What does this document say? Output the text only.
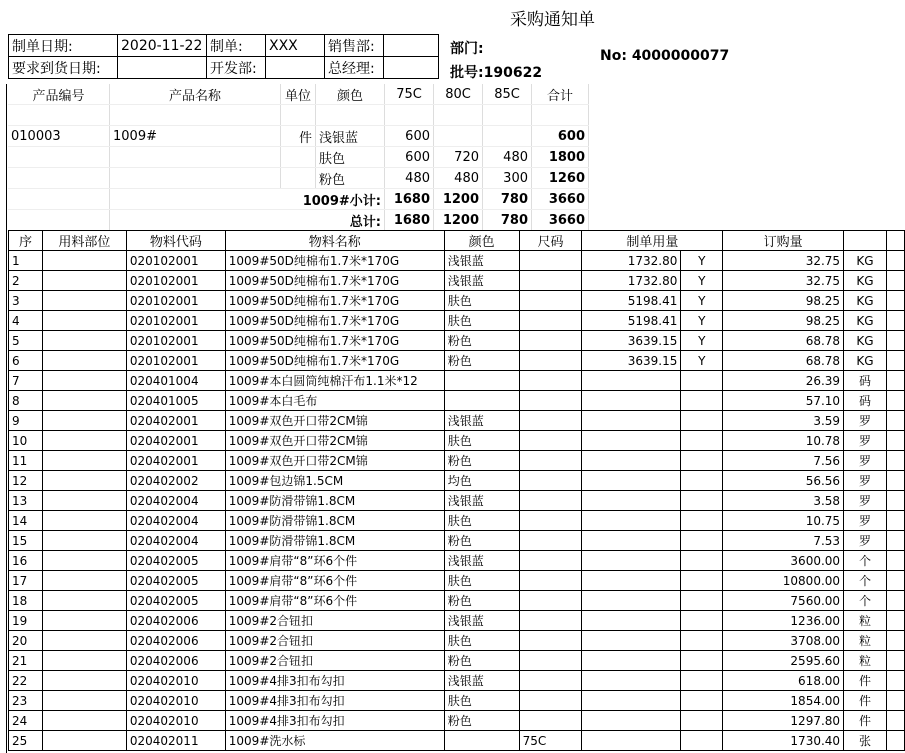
采购通知单
制单日期:	2020-11-22	制单:	XXX	销售部:	
要求到货日期:		开发部:		总经理:	
部门:
批号:190622
No: 4000000077
产品编号	产品名称	单位	颜色	75C	80C	85C	合计

010003	1009#	件	浅银蓝	600			600
			肤色	600	720	480	1800
			粉色	480	480	300	1260
	1009#小计:			1680	1200	780	3660
	总计:			1680	1200	780	3660
序	用料部位	物料代码	物料名称	颜色	尺码	制单用量		订购量		
1		020102001	1009#50D纯棉布1.7米*170G	浅银蓝		1732.80	Y	32.75	KG	
2		020102001	1009#50D纯棉布1.7米*170G	浅银蓝		1732.80	Y	32.75	KG	
3		020102001	1009#50D纯棉布1.7米*170G	肤色		5198.41	Y	98.25	KG	
4		020102001	1009#50D纯棉布1.7米*170G	肤色		5198.41	Y	98.25	KG	
5		020102001	1009#50D纯棉布1.7米*170G	粉色		3639.15	Y	68.78	KG	
6		020102001	1009#50D纯棉布1.7米*170G	粉色		3639.15	Y	68.78	KG	
7		020401004	1009#本白圆筒纯棉汗布1.1米*12					26.39	码	
8		020401005	1009#本白毛布					57.10	码	
9		020402001	1009#双色开口带2CM锦	浅银蓝				3.59	罗	
10		020402001	1009#双色开口带2CM锦	肤色				10.78	罗	
11		020402001	1009#双色开口带2CM锦	粉色				7.56	罗	
12		020402002	1009#包边锦1.5CM	均色				56.56	罗	
13		020402004	1009#防滑带锦1.8CM	浅银蓝				3.58	罗	
14		020402004	1009#防滑带锦1.8CM	肤色				10.75	罗	
15		020402004	1009#防滑带锦1.8CM	粉色				7.53	罗	
16		020402005	1009#肩带“8”环6个件	浅银蓝				3600.00	个	
17		020402005	1009#肩带“8”环6个件	肤色				10800.00	个	
18		020402005	1009#肩带“8”环6个件	粉色				7560.00	个	
19		020402006	1009#2合钮扣	浅银蓝				1236.00	粒	
20		020402006	1009#2合钮扣	肤色				3708.00	粒	
21		020402006	1009#2合钮扣	粉色				2595.60	粒	
22		020402010	1009#4排3扣布勾扣	浅银蓝				618.00	件	
23		020402010	1009#4排3扣布勾扣	肤色				1854.00	件	
24		020402010	1009#4排3扣布勾扣	粉色				1297.80	件	
25		020402011	1009#洗水标		75C			1730.40	张	
